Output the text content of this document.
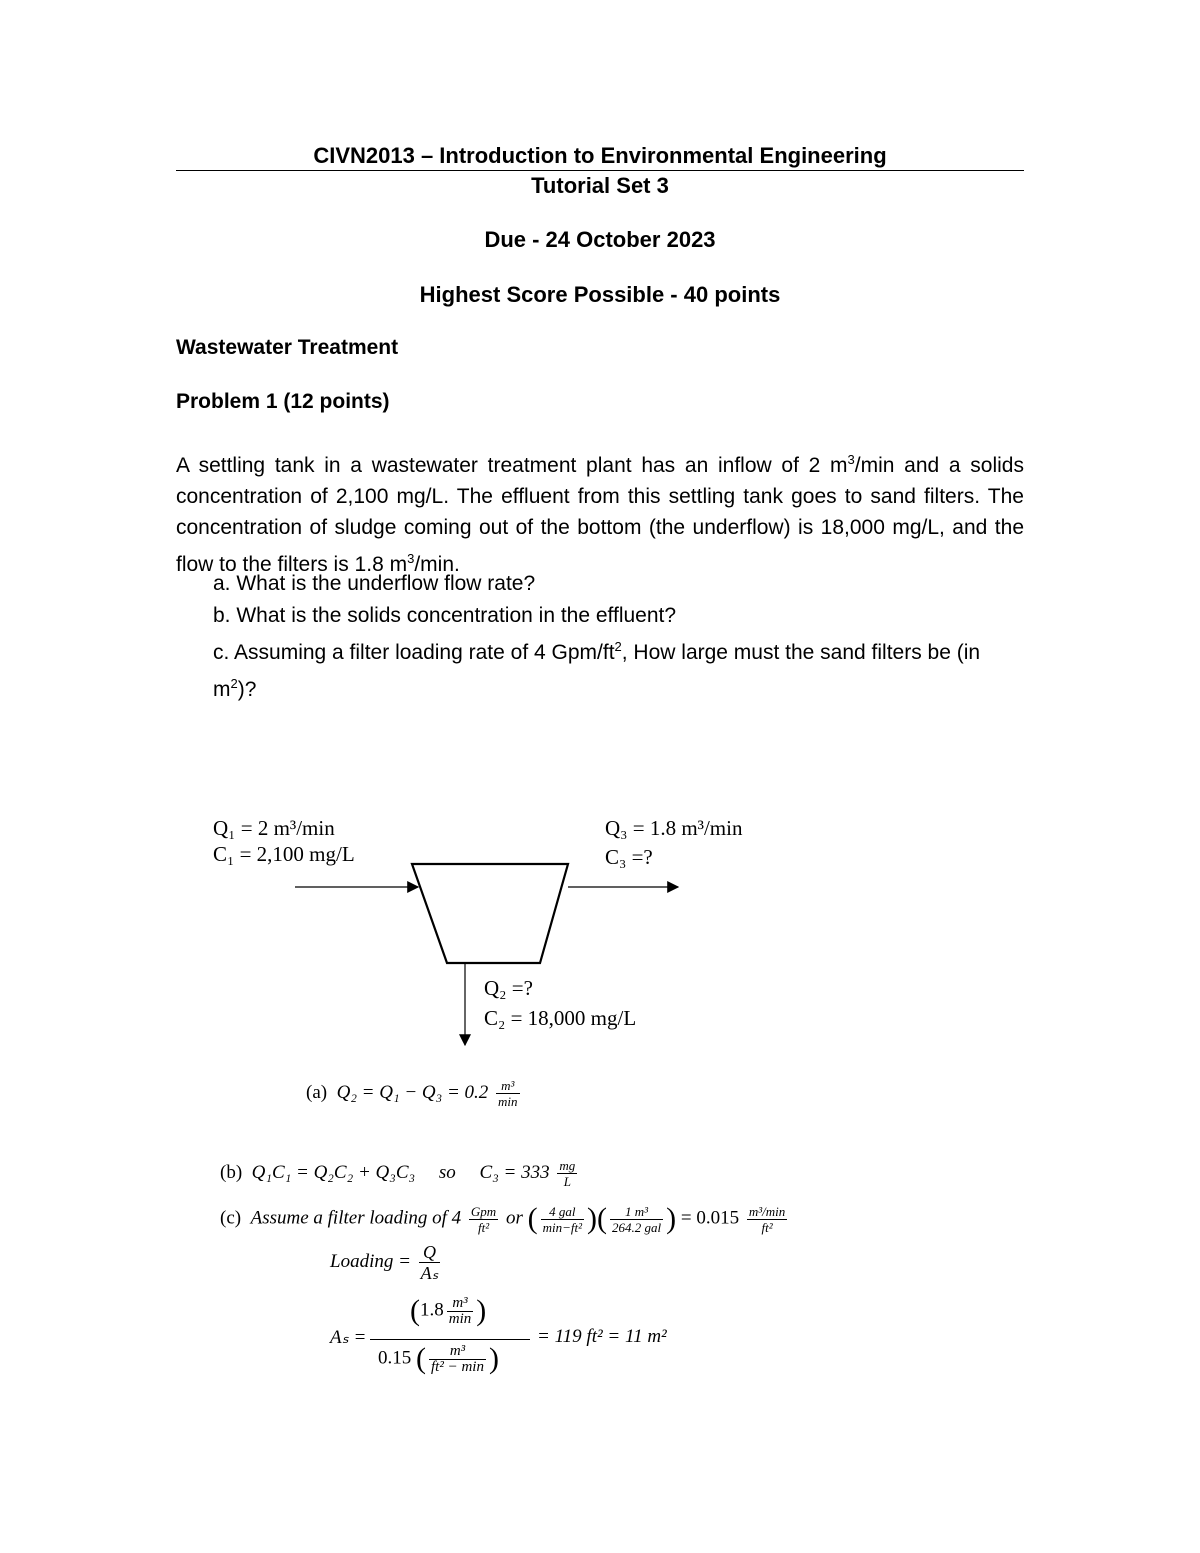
CIVN2013 – Introduction to Environmental Engineering
Tutorial Set 3
Due - 24 October 2023
Highest Score Possible - 40 points
Wastewater Treatment
Problem 1 (12 points)
A settling tank in a wastewater treatment plant has an inflow of 2 $m^3/\min$ and a solids concentration of 2,100 mg/L. The effluent from this settling tank goes to sand filters. The concentration of sludge coming out of the bottom (the underflow) is 18,000 mg/L, and the flow to the filters is 1.8 $m^3/\min$.
a. What is the underflow flow rate?
b. What is the solids concentration in the effluent?
c. Assuming a filter loading rate of 4 Gpm/$ft^2$, How large must the sand filters be (in $m^2$)?
Q₁ = 2 m³/min
C₁ = 2,100 mg/L
Q₃ = 1.8 m³/min
C₃ =?
Q₂ =?
C₂ = 18,000 mg/L
(a) $Q_2 = Q_1 - Q_3 = 0.2 \frac{\text{m³}}{\min}$
(b) Q₁C₁ = Q₂C₂ + Q₃C₃ so $C_3 = 333 \frac{mg}{L}$
(c) Assume a filter loading of $4 \frac{\text{Gpm}}{\text{ft²}}$ or ( $\frac{\text{4 gal}}{\text{min−ft²}}$ )( $\frac{\text{1 m³}}{\text{264.2 gal}}$ ) = $0.015 \frac{\text{m³/min}}{\text{ft²}}$
Loading = $\frac{Q}{\text{Aₛ}}$
Aₛ =
($1.8 \frac{\text{m³}}{\min}$ )
0.15 ( $\frac{\text{m³}}{\text{ft² − min}}$ )
= 119 ft² = 11 m²
